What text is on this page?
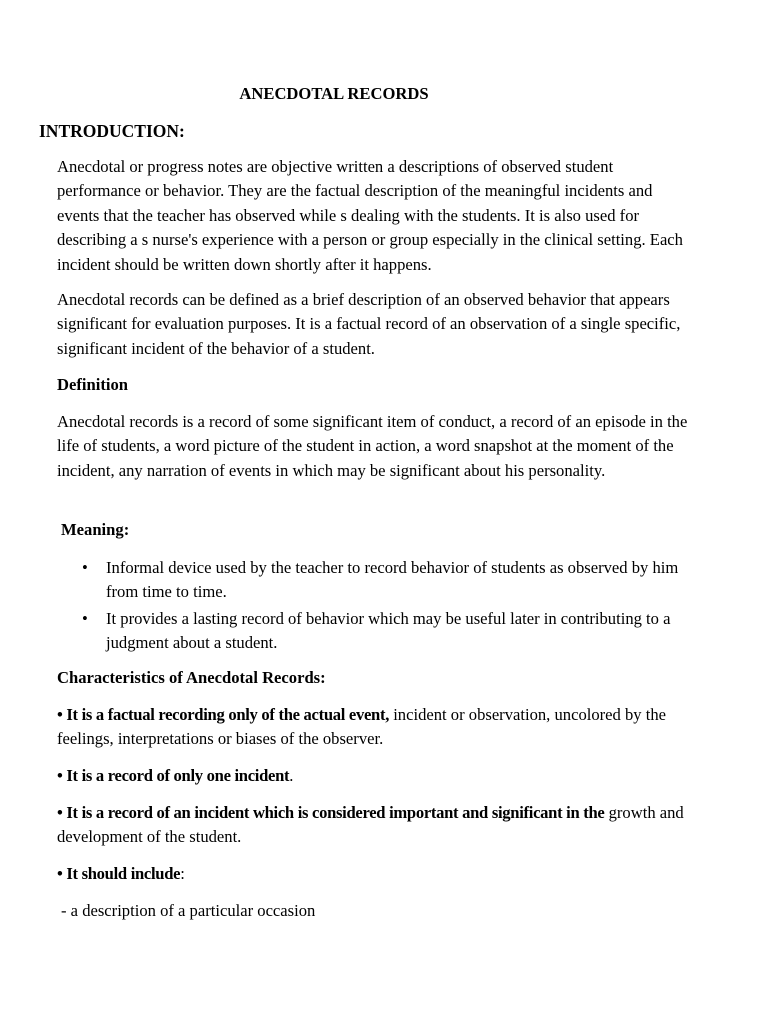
ANECDOTAL RECORDS
INTRODUCTION:
Anecdotal or progress notes are objective written a descriptions of observed student performance or behavior. They are the factual description of the meaningful incidents and events that the teacher has observed while s dealing with the students. It is also used for describing a s nurse's experience with a person or group especially in the clinical setting. Each incident should be written down shortly after it happens.
Anecdotal records can be defined as a brief description of an observed behavior that appears significant for evaluation purposes. It is a factual record of an observation of a single specific, significant incident of the behavior of a student.
Definition
Anecdotal records is a record of some significant item of conduct, a record of an episode in the life of students, a word picture of the student in action, a word snapshot at the moment of the incident, any narration of events in which may be significant about his personality.
Meaning:
• Informal device used by the teacher to record behavior of students as observed by him from time to time.
• It provides a lasting record of behavior which may be useful later in contributing to a judgment about a student.
Characteristics of Anecdotal Records:
• It is a factual recording only of the actual event, incident or observation, uncolored by the feelings, interpretations or biases of the observer.
• It is a record of only one incident.
• It is a record of an incident which is considered important and significant in the growth and development of the student.
• It should include:
- a description of a particular occasion
